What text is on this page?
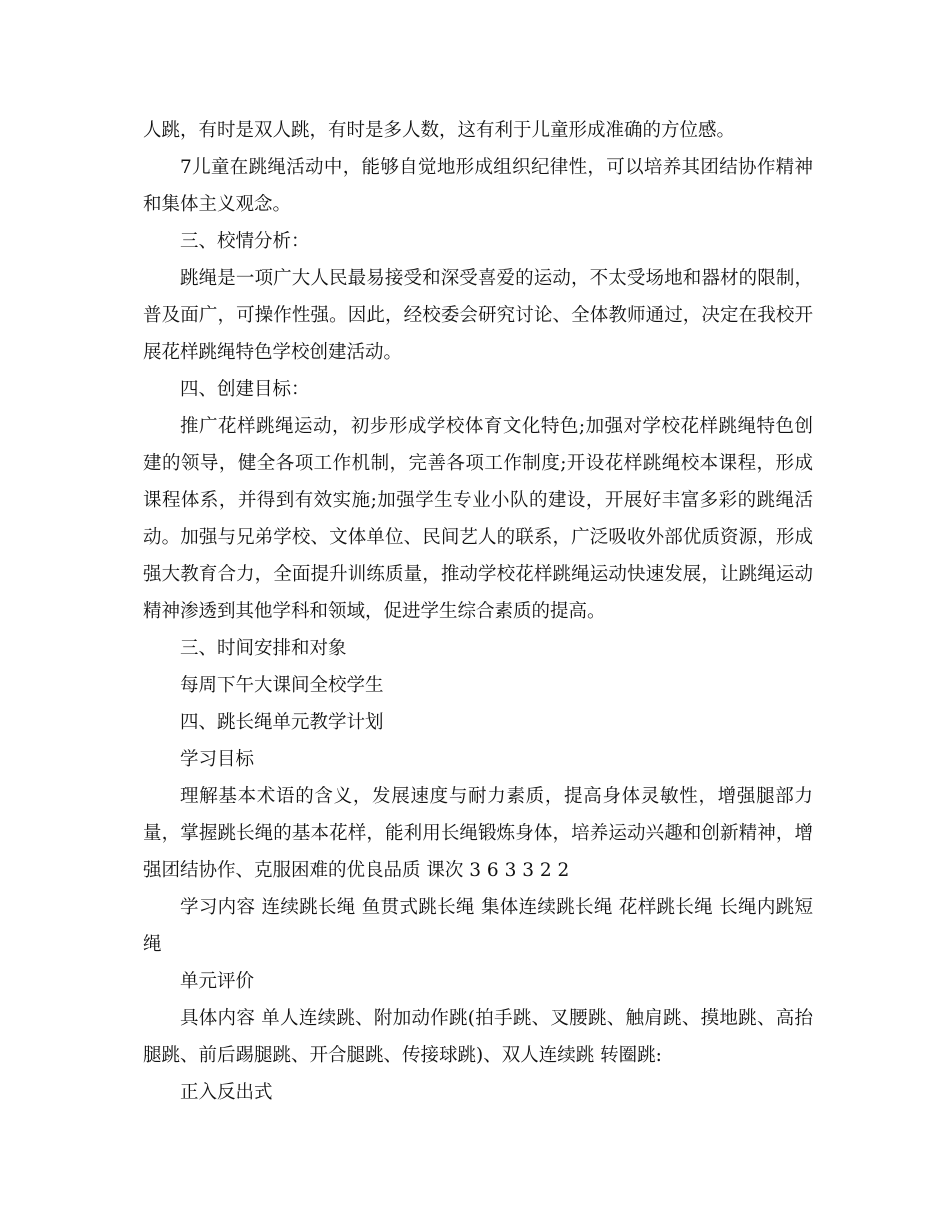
人跳，有时是双人跳，有时是多人数，这有利于儿童形成准确的方位感。

7儿童在跳绳活动中，能够自觉地形成组织纪律性，可以培养其团结协作精神和集体主义观念。

三、校情分析：

跳绳是一项广大人民最易接受和深受喜爱的运动，不太受场地和器材的限制，普及面广，可操作性强。因此，经校委会研究讨论、全体教师通过，决定在我校开展花样跳绳特色学校创建活动。

四、创建目标：

推广花样跳绳运动，初步形成学校体育文化特色;加强对学校花样跳绳特色创建的领导，健全各项工作机制，完善各项工作制度;开设花样跳绳校本课程，形成课程体系，并得到有效实施;加强学生专业小队的建设，开展好丰富多彩的跳绳活动。加强与兄弟学校、文体单位、民间艺人的联系，广泛吸收外部优质资源，形成强大教育合力，全面提升训练质量，推动学校花样跳绳运动快速发展，让跳绳运动精神渗透到其他学科和领域，促进学生综合素质的提高。

三、时间安排和对象

每周下午大课间全校学生

四、跳长绳单元教学计划

学习目标

理解基本术语的含义，发展速度与耐力素质，提高身体灵敏性，增强腿部力量，掌握跳长绳的基本花样，能利用长绳锻炼身体，培养运动兴趣和创新精神，增强团结协作、克服困难的优良品质 课次 3 6 3 3 2 2

学习内容 连续跳长绳 鱼贯式跳长绳 集体连续跳长绳 花样跳长绳 长绳内跳短绳

单元评价

具体内容 单人连续跳、附加动作跳(拍手跳、叉腰跳、触肩跳、摸地跳、高抬腿跳、前后踢腿跳、开合腿跳、传接球跳)、双人连续跳 转圈跳:

正入反出式
